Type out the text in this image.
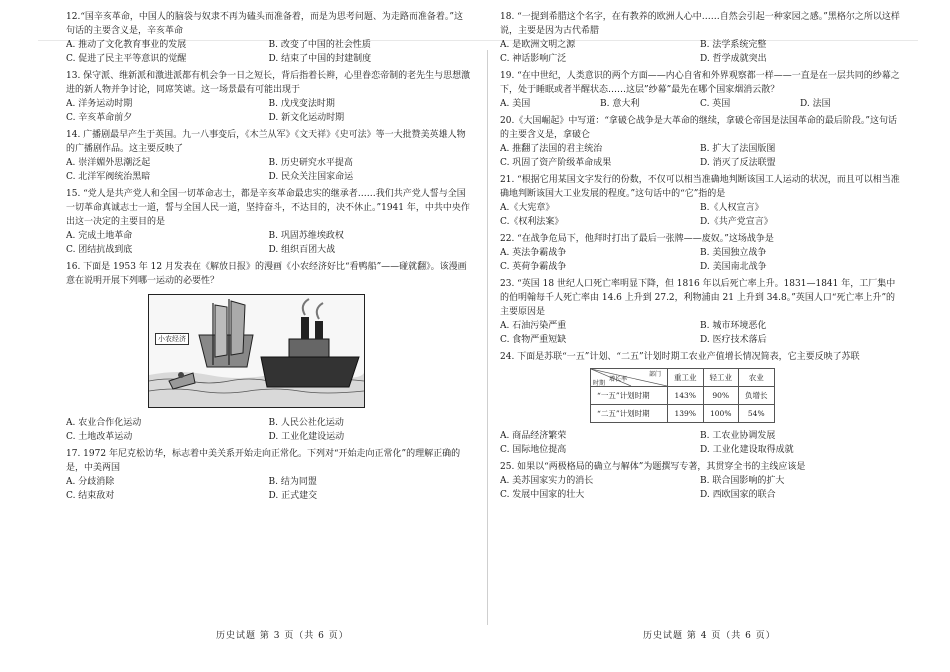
12.“国辛亥革命，中国人的脑袋与奴隶不再为磕头而准备着，而是为思考问题、为走路而准备着。”这句话的主要含义是，辛亥革命
A. 推动了文化教育事业的发展	B. 改变了中国的社会性质
C. 促进了民主平等意识的觉醒	D. 结束了中国的封建制度
13. 保守派、维新派和激进派都有机会争一日之短长，背后指着长辫，心里眷恋帝制的老先生与思想激进的新人物并争讨论，同席笑谑。这一场景最有可能出现于
A. 洋务运动时期	B. 戊戌变法时期
C. 辛亥革命前夕	D. 新文化运动时期
14. 广播剧最早产生于英国。九一八事变后，《木兰从军》《文天祥》《史可法》等一大批赞美英雄人物的广播剧作品。这主要反映了
A. 崇洋媚外思潮泛起	B. 历史研究水平提高
C. 北洋军阀统治黑暗	D. 民众关注国家命运
15. “党人是共产党人和全国一切革命志士，都是辛亥革命最忠实的继承者……我们共产党人誓与全国一切革命真诚志士一道，誓与全国人民一道，坚持奋斗，不达目的，决不休止。”1941 年，中共中央作出这一决定的主要目的是
A. 完成土地革命	B. 巩固苏维埃政权
C. 团结抗战到底	D. 组织百团大战
16. 下面是 1953 年 12 月发表在《解放日报》的漫画《小农经济好比“看鸭船”——碰就翻》。该漫画意在说明开展下列哪一运动的必要性？
小农经济
A. 农业合作化运动	B. 人民公社化运动
C. 土地改革运动	D. 工业化建设运动
17. 1972 年尼克松访华，标志着中美关系开始走向正常化。下列对“开始走向正常化”的理解正确的是，中美两国
A. 分歧消除	B. 结为同盟
C. 结束敌对	D. 正式建交
历史试题 第 3 页（共 6 页）
18. “一提到希腊这个名字，在有教养的欧洲人心中……自然会引起一种家园之感。”黑格尔之所以这样说，主要是因为古代希腊
A. 是欧洲文明之源	B. 法学系统完整
C. 神话影响广泛	D. 哲学成就突出
19. “在中世纪，人类意识的两个方面——内心自省和外界观察都一样——一直是在一层共同的纱幕之下，处于睡眠或者半醒状态……这层”纱幕”最先在哪个国家烟消云散？
A. 美国	B. 意大利	C. 英国	D. 法国
20.《大国崛起》中写道：“拿破仑战争是大革命的继续，拿破仑帝国是法国革命的最后阶段。”这句话的主要含义是，拿破仑
A. 推翻了法国的君主统治	B. 扩大了法国版图
C. 巩固了资产阶级革命成果	D. 消灭了反法联盟
21. “根据它用某国文字发行的份数，不仅可以相当准确地判断该国工人运动的状况，而且可以相当准确地判断该国大工业发展的程度。”这句话中的“它”指的是
A.《大宪章》	B.《人权宣言》
C.《权利法案》	D.《共产党宣言》
22. “在战争危局下，他拜时打出了最后一张牌——废奴。”这场战争是
A. 英法争霸战争	B. 美国独立战争
C. 英荷争霸战争	D. 美国南北战争
23. “英国 18 世纪人口死亡率明显下降，但 1816 年以后死亡率上升。1831—1841 年，工厂集中的伯明翰每千人死亡率由 14.6 上升到 27.2，利物浦由 21 上升到 34.8。”英国人口“死亡率上升”的主要原因是
A. 石油污染严重	B. 城市环境恶化
C. 食物严重短缺	D. 医疗技术落后
24. 下面是苏联“一五”计划、“二五”计划时期工农业产值增长情况简表，它主要反映了苏联
部门
增长率
时期	重工业	轻工业	农业
“一五”计划时期	143%	90%	负增长
“二五”计划时期	139%	100%	54%
A. 商品经济繁荣	B. 工农业协调发展
C. 国际地位提高	D. 工业化建设取得成就
25. 如果以“两极格局的确立与解体”为题撰写专著，其贯穿全书的主线应该是
A. 美苏国家实力的消长	B. 联合国影响的扩大
C. 发展中国家的壮大	D. 西欧国家的联合
历史试题 第 4 页（共 6 页）
